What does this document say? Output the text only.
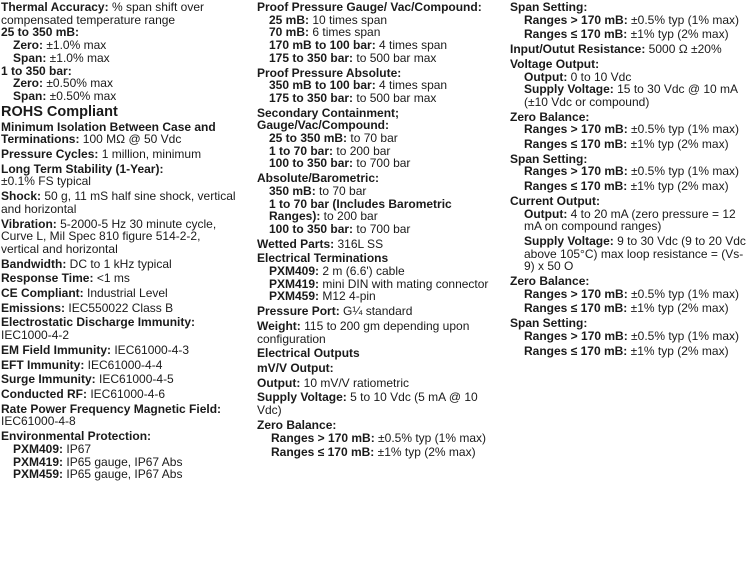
Thermal Accuracy: % span shift over compensated temperature range
25 to 350 mB:
Zero: ±1.0% max
Span: ±1.0% max
1 to 350 bar:
Zero: ±0.50% max
Span: ±0.50% max
ROHS Compliant
Minimum Isolation Between Case and Terminations: 100 MΩ @ 50 Vdc
Pressure Cycles: 1 million, minimum
Long Term Stability (1-Year):
±0.1% FS typical
Shock: 50 g, 11 mS half sine shock, vertical and horizontal
Vibration: 5-2000-5 Hz 30 minute cycle, Curve L, Mil Spec 810 figure 514-2-2, vertical and horizontal
Bandwidth: DC to 1 kHz typical
Response Time: <1 ms
CE Compliant: Industrial Level
Emissions: IEC550022 Class B
Electrostatic Discharge Immunity:
IEC1000-4-2
EM Field Immunity: IEC61000-4-3
EFT Immunity: IEC61000-4-4
Surge Immunity: IEC61000-4-5
Conducted RF: IEC61000-4-6
Rate Power Frequency Magnetic Field: IEC61000-4-8
Environmental Protection:
PXM409: IP67
PXM419: IP65 gauge, IP67 Abs
PXM459: IP65 gauge, IP67 Abs
Proof Pressure Gauge/ Vac/Compound:
25 mB: 10 times span
70 mB: 6 times span
170 mB to 100 bar: 4 times span
175 to 350 bar: to 500 bar max
Proof Pressure Absolute:
350 mB to 100 bar: 4 times span
175 to 350 bar: to 500 bar max
Secondary Containment; Gauge/Vac/Compound:
25 to 350 mB: to 70 bar
1 to 70 bar: to 200 bar
100 to 350 bar: to 700 bar
Absolute/Barometric:
350 mB: to 70 bar
1 to 70 bar (Includes Barometric Ranges): to 200 bar
100 to 350 bar: to 700 bar
Wetted Parts: 316L SS
Electrical Terminations
PXM409: 2 m (6.6') cable
PXM419: mini DIN with mating connector
PXM459: M12 4-pin
Pressure Port: G¼ standard
Weight: 115 to 200 gm depending upon configuration
Electrical Outputs
mV/V Output:
Output: 10 mV/V ratiometric
Supply Voltage: 5 to 10 Vdc (5 mA @ 10 Vdc)
Zero Balance:
Ranges > 170 mB: ±0.5% typ (1% max)
Ranges ≤ 170 mB: ±1% typ (2% max)
Span Setting:
Ranges > 170 mB: ±0.5% typ (1% max)
Ranges ≤ 170 mB: ±1% typ (2% max)
Input/Outut Resistance: 5000 Ω ±20%
Voltage Output:
Output: 0 to 10 Vdc
Supply Voltage: 15 to 30 Vdc @ 10 mA (±10 Vdc or compound)
Zero Balance:
Ranges > 170 mB: ±0.5% typ (1% max)
Ranges ≤ 170 mB: ±1% typ (2% max)
Span Setting:
Ranges > 170 mB: ±0.5% typ (1% max)
Ranges ≤ 170 mB: ±1% typ (2% max)
Current Output:
Output: 4 to 20 mA (zero pressure = 12 mA on compound ranges)
Supply Voltage: 9 to 30 Vdc (9 to 20 Vdc above 105°C) max loop resistance = (Vs-9) x 50 O
Zero Balance:
Ranges > 170 mB: ±0.5% typ (1% max)
Ranges ≤ 170 mB: ±1% typ (2% max)
Span Setting:
Ranges > 170 mB: ±0.5% typ (1% max)
Ranges ≤ 170 mB: ±1% typ (2% max)
